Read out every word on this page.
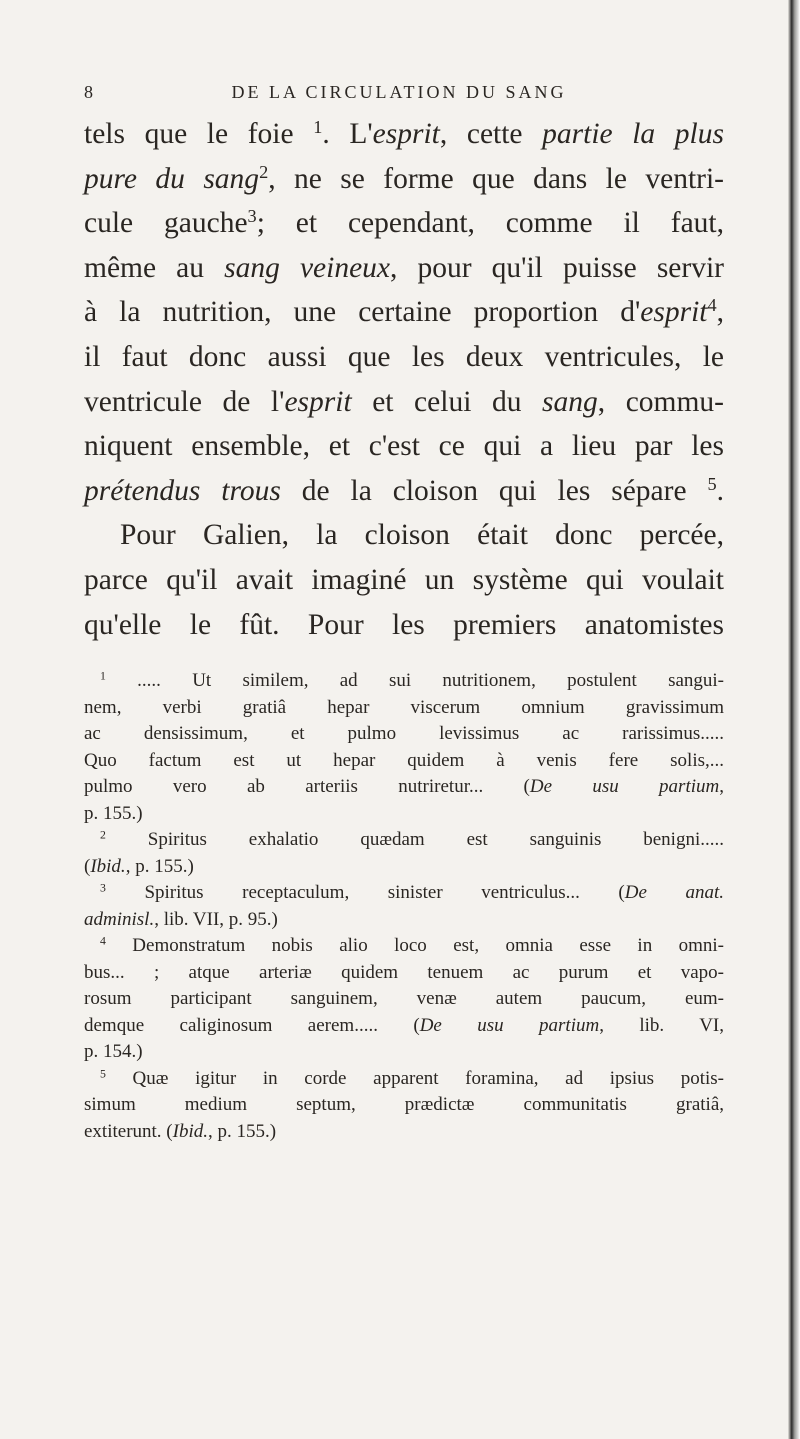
8	DE LA CIRCULATION DU SANG
tels que le foie $^1$. L'esprit, cette partie la plus
pure du sang$^2$, ne se forme que dans le ventri-
cule gauche$^3$; et cependant, comme il faut,
même au sang veineux, pour qu'il puisse servir
à la nutrition, une certaine proportion d'esprit$^4$,
il faut donc aussi que les deux ventricules, le
ventricule de l'esprit et celui du sang, commu-
niquent ensemble, et c'est ce qui a lieu par les
prétendus trous de la cloison qui les sépare $^5$.
Pour Galien, la cloison était donc percée,
parce qu'il avait imaginé un système qui voulait
qu'elle le fût. Pour les premiers anatomistes
$^1$ ..... Ut similem, ad sui nutritionem, postulent sangui-
nem, verbi gratiâ hepar viscerum omnium gravissimum
ac densissimum, et pulmo levissimus ac rarissimus.....
Quo factum est ut hepar quidem à venis fere solis,...
pulmo vero ab arteriis nutriretur... (De usu partium,
p. 155.)
$^2$ Spiritus exhalatio quædam est sanguinis benigni.....
(Ibid., p. 155.)
$^3$ Spiritus receptaculum, sinister ventriculus... (De anat.
adminisl., lib. VII, p. 95.)
$^4$ Demonstratum nobis alio loco est, omnia esse in omni-
bus... ; atque arteriæ quidem tenuem ac purum et vapo-
rosum participant sanguinem, venæ autem paucum, eum-
demque caliginosum aerem..... (De usu partium, lib. VI,
p. 154.)
$^5$ Quæ igitur in corde apparent foramina, ad ipsius potis-
simum medium septum, prædictæ communitatis gratiâ,
extiterunt. (Ibid., p. 155.)
